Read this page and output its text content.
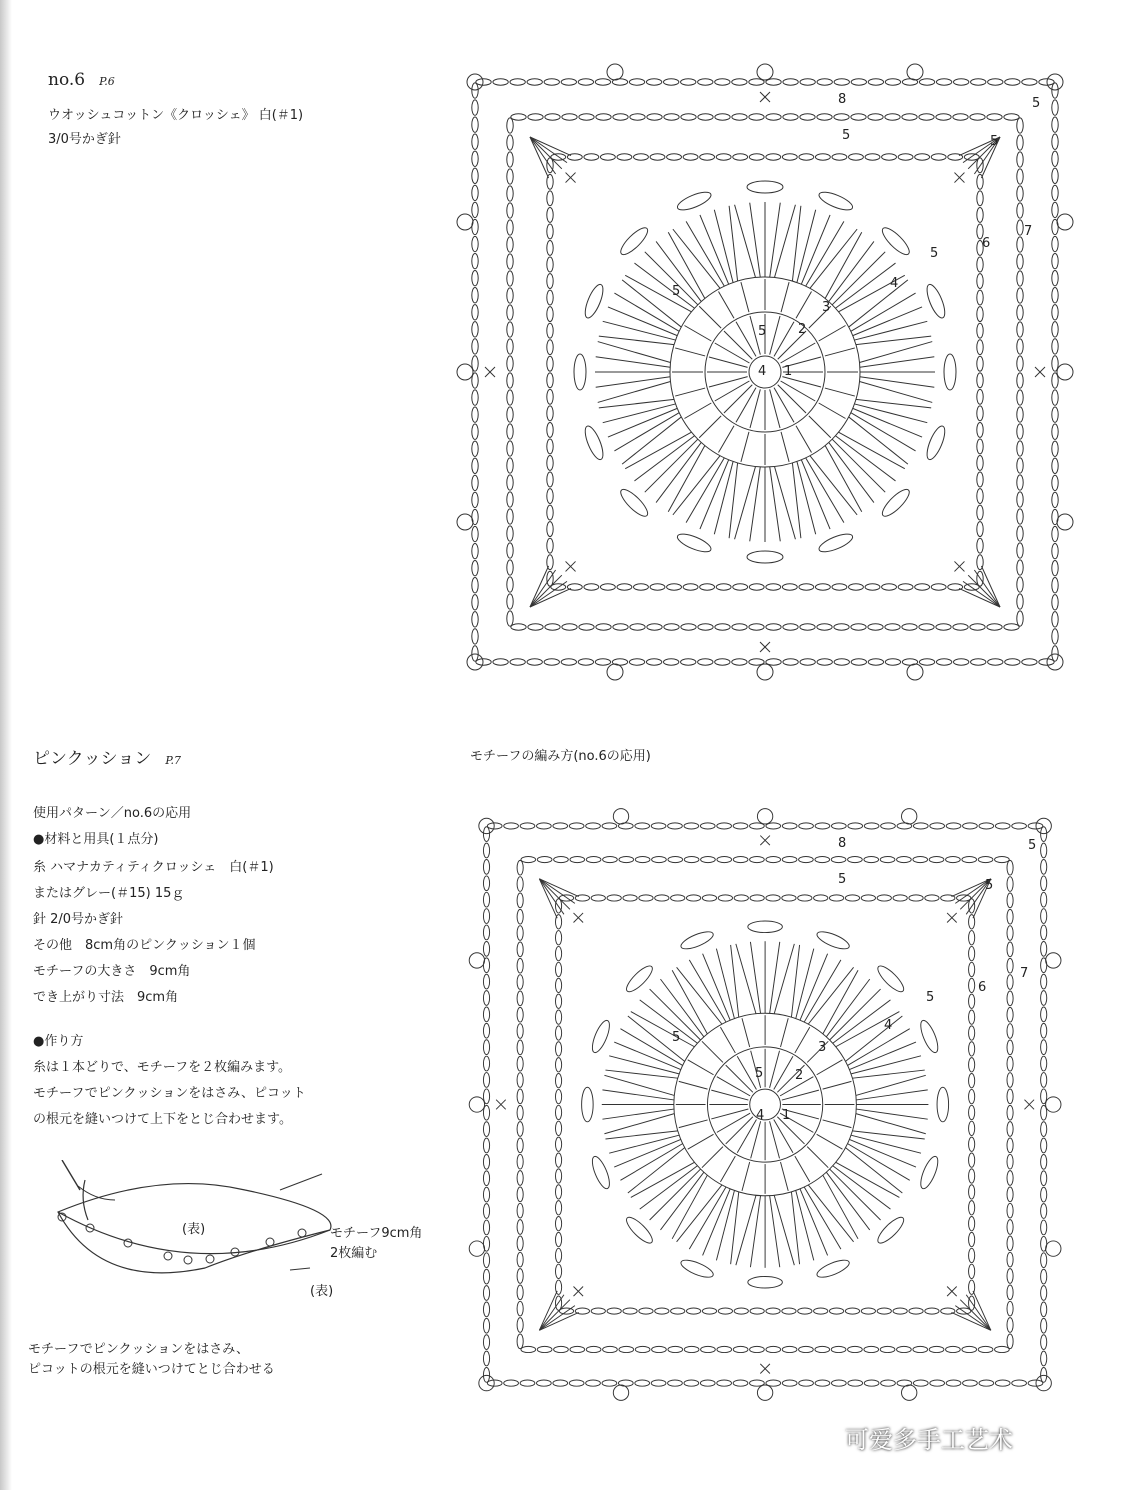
no.6 P.6
ウオッシュコットン《クロッシェ》 白(＃1)
3/0号かぎ針
ピンクッション P.7
使用パターン／no.6の応用
●材料と用具(１点分)
糸 ハマナカティティクロッシェ　白(＃1)
またはグレー(＃15) 15ｇ
針 2/0号かぎ針
その他　8cm角のピンクッション１個
モチーフの大きさ　9cm角
でき上がり寸法　9cm角
●作り方
糸は１本どりで、モチーフを２枚編みます。
モチーフでピンクッションをはさみ、ピコット
の根元を縫いつけて上下をとじ合わせます。
モチーフの編み方(no.6の応用)
(表)
(表)
モチーフ9cm角
2枚編む
モチーフでピンクッションをはさみ、
ピコットの根元を縫いつけてとじ合わせる
8
5	5
5
7
6
5
4
3
2
5
5
4 1
8
5	5
5
7
6
5
4
3
2
5
5
4 1
可爱多手工艺术
